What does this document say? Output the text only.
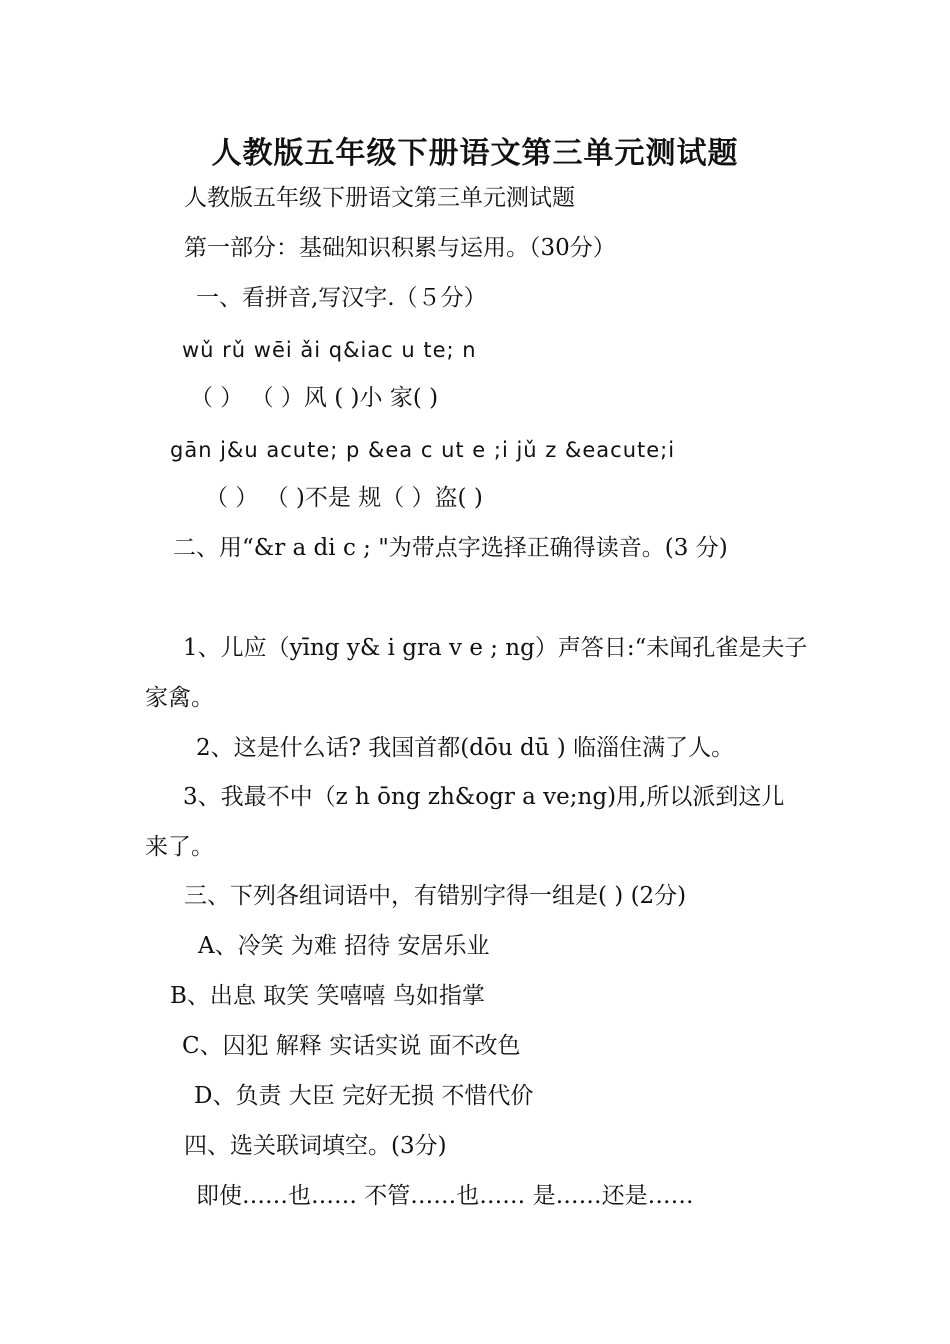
人教版五年级下册语文第三单元测试题
人教版五年级下册语文第三单元测试题
第一部分：基础知识积累与运用。（30分）
一、看拼音,写汉字.（５分）
wǔ rǔ wēi ǎi q&iac u te; n
（ ） （ ）风 ( )小 家( )
gān j&u acute; p &ea c ut e ;i jǔ z &eacute;i
（ ） （ )不是 规（ ）盗( )
二、用“&r a di c ; "为带点字选择正确得读音。(3 分)
1、儿应（yīng y& i gra v e ; ng）声答日:“未闻孔雀是夫子家禽。
2、这是什么话? 我国首都(dōu dū ) 临淄住满了人。
3、我最不中（z h ōng zh&ogr a ve;ng)用,所以派到这儿来了。
三、下列各组词语中，有错别字得一组是( ) (2分)
A、冷笑 为难 招待 安居乐业
B、出息 取笑 笑嘻嘻 鸟如指掌
C、囚犯 解释 实话实说 面不改色
D、负责 大臣 完好无损 不惜代价
四、选关联词填空。(3分)
即使……也…… 不管……也…… 是……还是……
